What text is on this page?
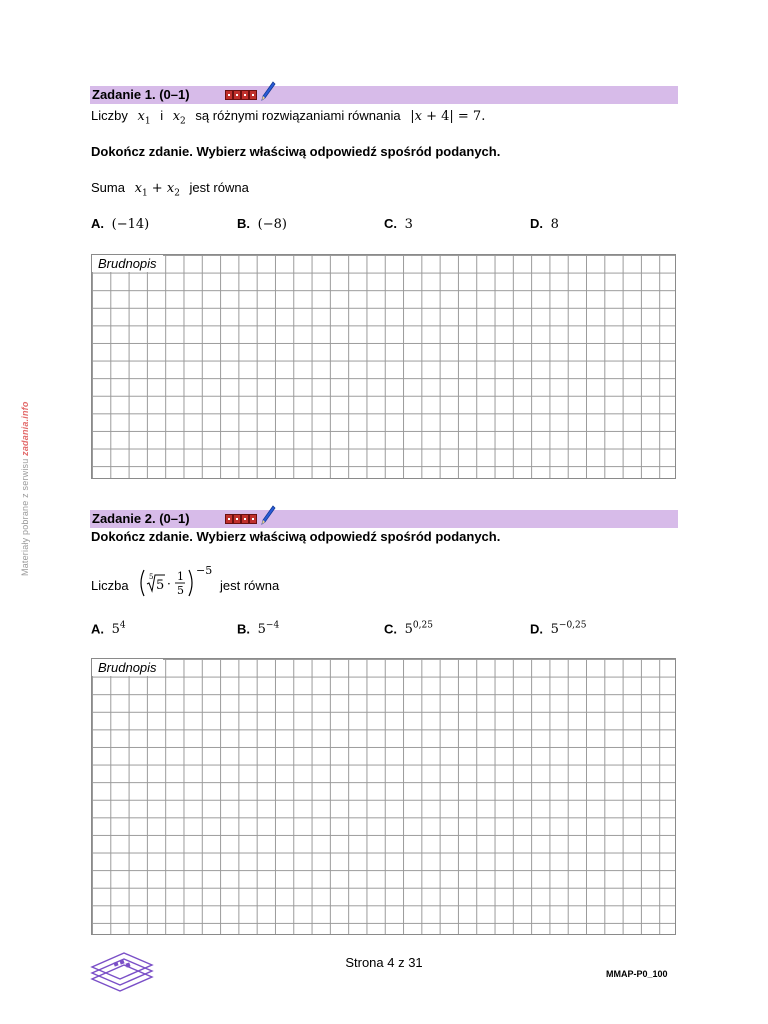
Materiały pobrane z serwisu zadania.info
Zadanie 1. (0–1)
Liczby $x_1$ i $x_2$ są różnymi rozwiązaniami równania |x + 4| = 7.
Dokończ zdanie. Wybierz właściwą odpowiedź spośród podanych.
Suma $x_1 + x_2$ jest równa
A. (−14)	B. (−8)	C. 3	D. 8
Brudnopis
Zadanie 2. (0–1)
Dokończ zdanie. Wybierz właściwą odpowiedź spośród podanych.
Liczba
5
5 ·
1
5
−5
jest równa
A. $5^4$	B. $5^{-4}$	C. 5$^{0,25}$	D. $5^{-0,25}$
Brudnopis
Strona 4 z 31
MMAP-P0_100
